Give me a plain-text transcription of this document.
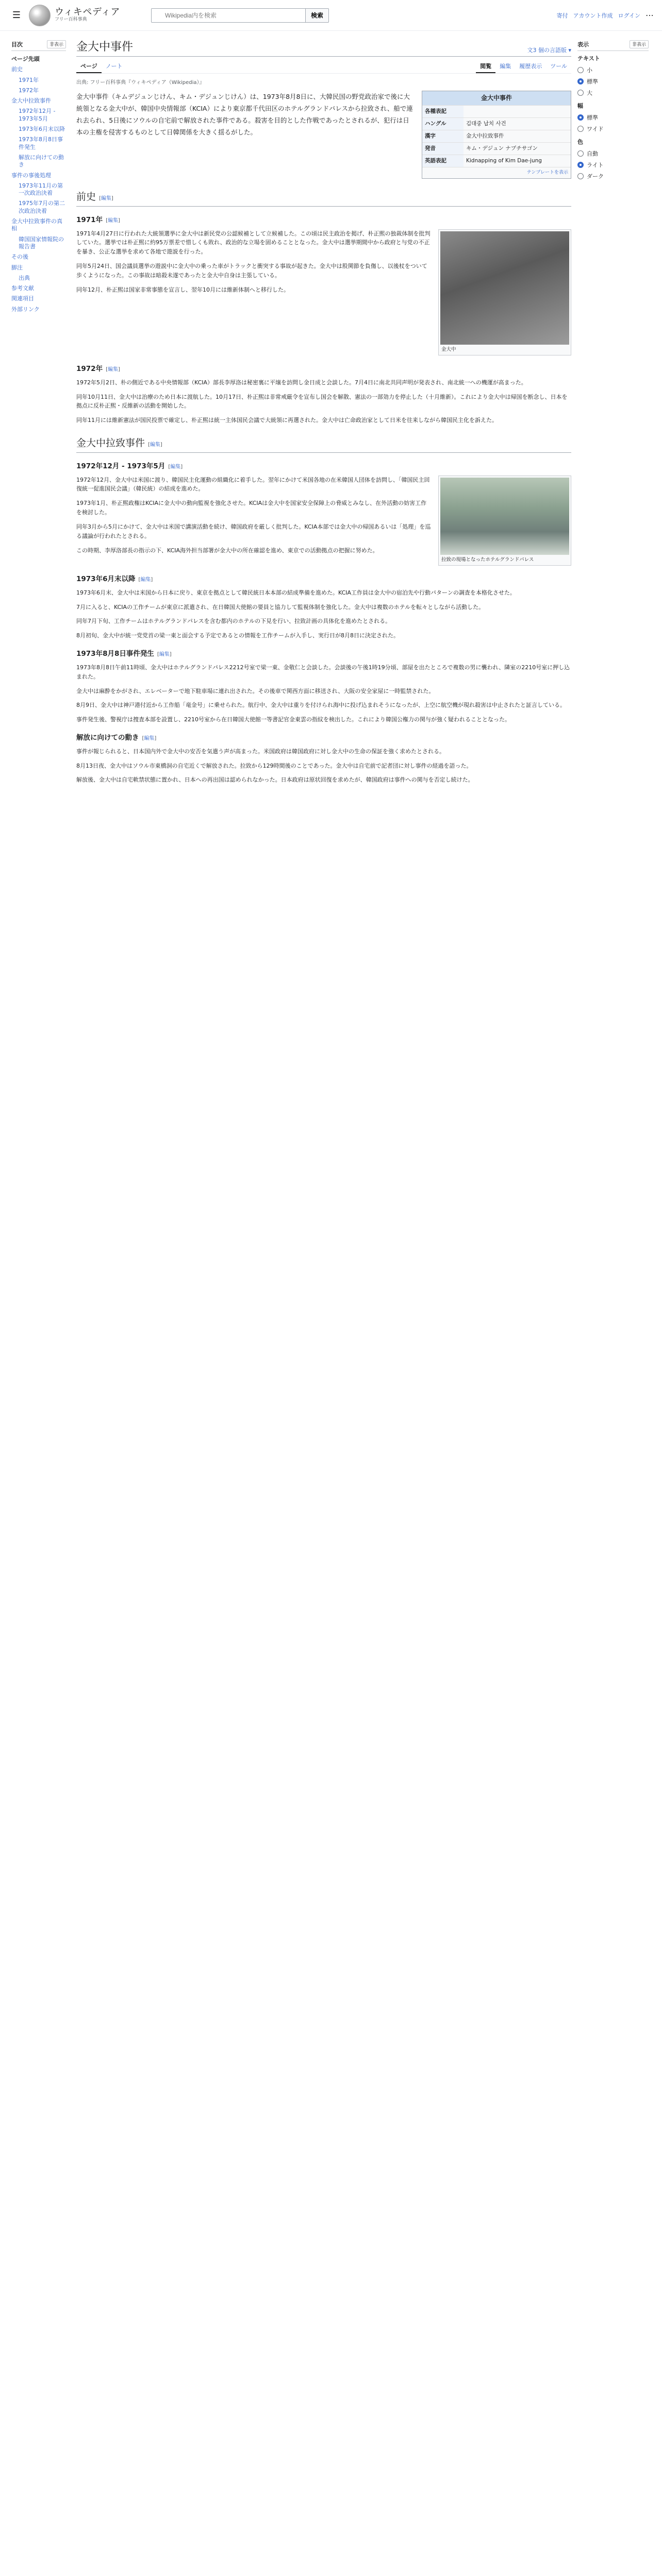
☰	ウィキペディア
フリー百科事典
Wikipedia内を検索
検索	寄付 アカウント作成 ログイン ⋯
目次	非表示
ページ先頭
前史
1971年
1972年
金大中拉致事件
1972年12月 - 1973年5月
1973年6月末以降
1973年8月8日事件発生
解放に向けての動き
事件の事後処理
1973年11月の第一次政治決着
1975年7月の第二次政治決着
金大中拉致事件の真相
韓国国家情報院の報告書
その後
脚注
出典
参考文献
関連項目
外部リンク
金大中事件	文3 個の言語版 ▾
ページ	ノート	閲覧	編集	履歴表示	ツール
出典: フリー百科事典『ウィキペディア（Wikipedia）』
金大中事件（キムデジュンじけん、キム・デジュンじけん）は、1973年8月8日に、大韓民国の野党政治家で後に大統領となる金大中が、韓国中央情報部（KCIA）により東京都千代田区のホテルグランドパレスから拉致され、船で連れ去られ、5日後にソウルの自宅前で解放された事件である。殺害を目的とした作戦であったとされるが、犯行は日本の主権を侵害するものとして日韓関係を大きく揺るがした。
金大中事件
各種表記
ハングル	김대중 납치 사건
漢字	金大中拉致事件
発音	キム・デジュン ナプチサゴン
英語表記	Kidnapping of Kim Dae-jung
テンプレートを表示
前史 [編集]
1971年 [編集]

1971年4月27日に行われた大統領選挙に金大中は新民党の公認候補として立候補した。この頃は民主政治を掲げ、朴正煕の独裁体制を批判していた。選挙では朴正煕に約95万票差で惜しくも敗れ、政治的な立場を固めることとなった。金大中は選挙期間中から政府と与党の不正を暴き、公正な選挙を求めて各地で遊説を行った。

同年5月24日、国会議員選挙の遊説中に金大中の乗った車がトラックと衝突する事故が起きた。金大中は股関節を負傷し、以後杖をついて歩くようになった。この事故は暗殺未遂であったと金大中自身は主張している。

同年12月、朴正煕は国家非常事態を宣言し、翌年10月には維新体制へと移行した。

金大中
1972年 [編集]

1972年5月2日、朴の側近である中央情報部（KCIA）部長李厚洛は秘密裏に平壌を訪問し金日成と会談した。7月4日に南北共同声明が発表され、南北統一への機運が高まった。

同年10月11日、金大中は治療のため日本に渡航した。10月17日、朴正煕は非常戒厳令を宣布し国会を解散、憲法の一部効力を停止した（十月維新）。これにより金大中は帰国を断念し、日本を拠点に反朴正煕・反維新の活動を開始した。

同年11月には維新憲法が国民投票で確定し、朴正煕は統一主体国民会議で大統領に再選された。金大中は亡命政治家として日米を往来しながら韓国民主化を訴えた。

金大中拉致事件 [編集]
1972年12月 - 1973年5月 [編集]

1972年12月、金大中は米国に渡り、韓国民主化運動の組織化に着手した。翌年にかけて米国各地の在米韓国人団体を訪問し、「韓国民主回復統一促進国民会議」（韓民統）の結成を進めた。

1973年1月、朴正煕政権はKCIAに金大中の動向監視を強化させた。KCIAは金大中を国家安全保障上の脅威とみなし、在外活動の妨害工作を検討した。

同年3月から5月にかけて、金大中は米国で講演活動を続け、韓国政府を厳しく批判した。KCIA本部では金大中の帰国あるいは「処理」を巡る議論が行われたとされる。

この時期、李厚洛部長の指示の下、KCIA海外担当部署が金大中の所在確認を進め、東京での活動拠点の把握に努めた。

拉致の現場となったホテルグランドパレス
1973年6月末以降 [編集]

1973年6月末、金大中は米国から日本に戻り、東京を拠点として韓民統日本本部の結成準備を進めた。KCIA工作員は金大中の宿泊先や行動パターンの調査を本格化させた。

7月に入ると、KCIAの工作チームが東京に派遣され、在日韓国大使館の要員と協力して監視体制を強化した。金大中は複数のホテルを転々としながら活動した。

同年7月下旬、工作チームはホテルグランドパレスを含む都内のホテルの下見を行い、拉致計画の具体化を進めたとされる。

8月初旬、金大中が統一党党首の梁一東と面会する予定であるとの情報を工作チームが入手し、実行日が8月8日に決定された。

1973年8月8日事件発生 [編集]

1973年8月8日午前11時頃、金大中はホテルグランドパレス2212号室で梁一東、金敬仁と会談した。会談後の午後1時19分頃、部屋を出たところで複数の男に襲われ、隣室の2210号室に押し込まれた。

金大中は麻酔をかがされ、エレベーターで地下駐車場に連れ出された。その後車で関西方面に移送され、大阪の安全家屋に一時監禁された。

8月9日、金大中は神戸港付近から工作船「竜金号」に乗せられた。航行中、金大中は重りを付けられ海中に投げ込まれそうになったが、上空に航空機が現れ殺害は中止されたと証言している。

事件発生後、警視庁は捜査本部を設置し、2210号室から在日韓国大使館一等書記官金東雲の指紋を検出した。これにより韓国公権力の関与が強く疑われることとなった。

解放に向けての動き [編集]

事件が報じられると、日本国内外で金大中の安否を気遣う声が高まった。米国政府は韓国政府に対し金大中の生命の保証を強く求めたとされる。

8月13日夜、金大中はソウル市東橋洞の自宅近くで解放された。拉致から129時間後のことであった。金大中は自宅前で記者団に対し事件の経過を語った。

解放後、金大中は自宅軟禁状態に置かれ、日本への再出国は認められなかった。日本政府は原状回復を求めたが、韓国政府は事件への関与を否定し続けた。

表示	非表示
テキスト
小
標準
大
幅
標準
ワイド
色
自動
ライト
ダーク
